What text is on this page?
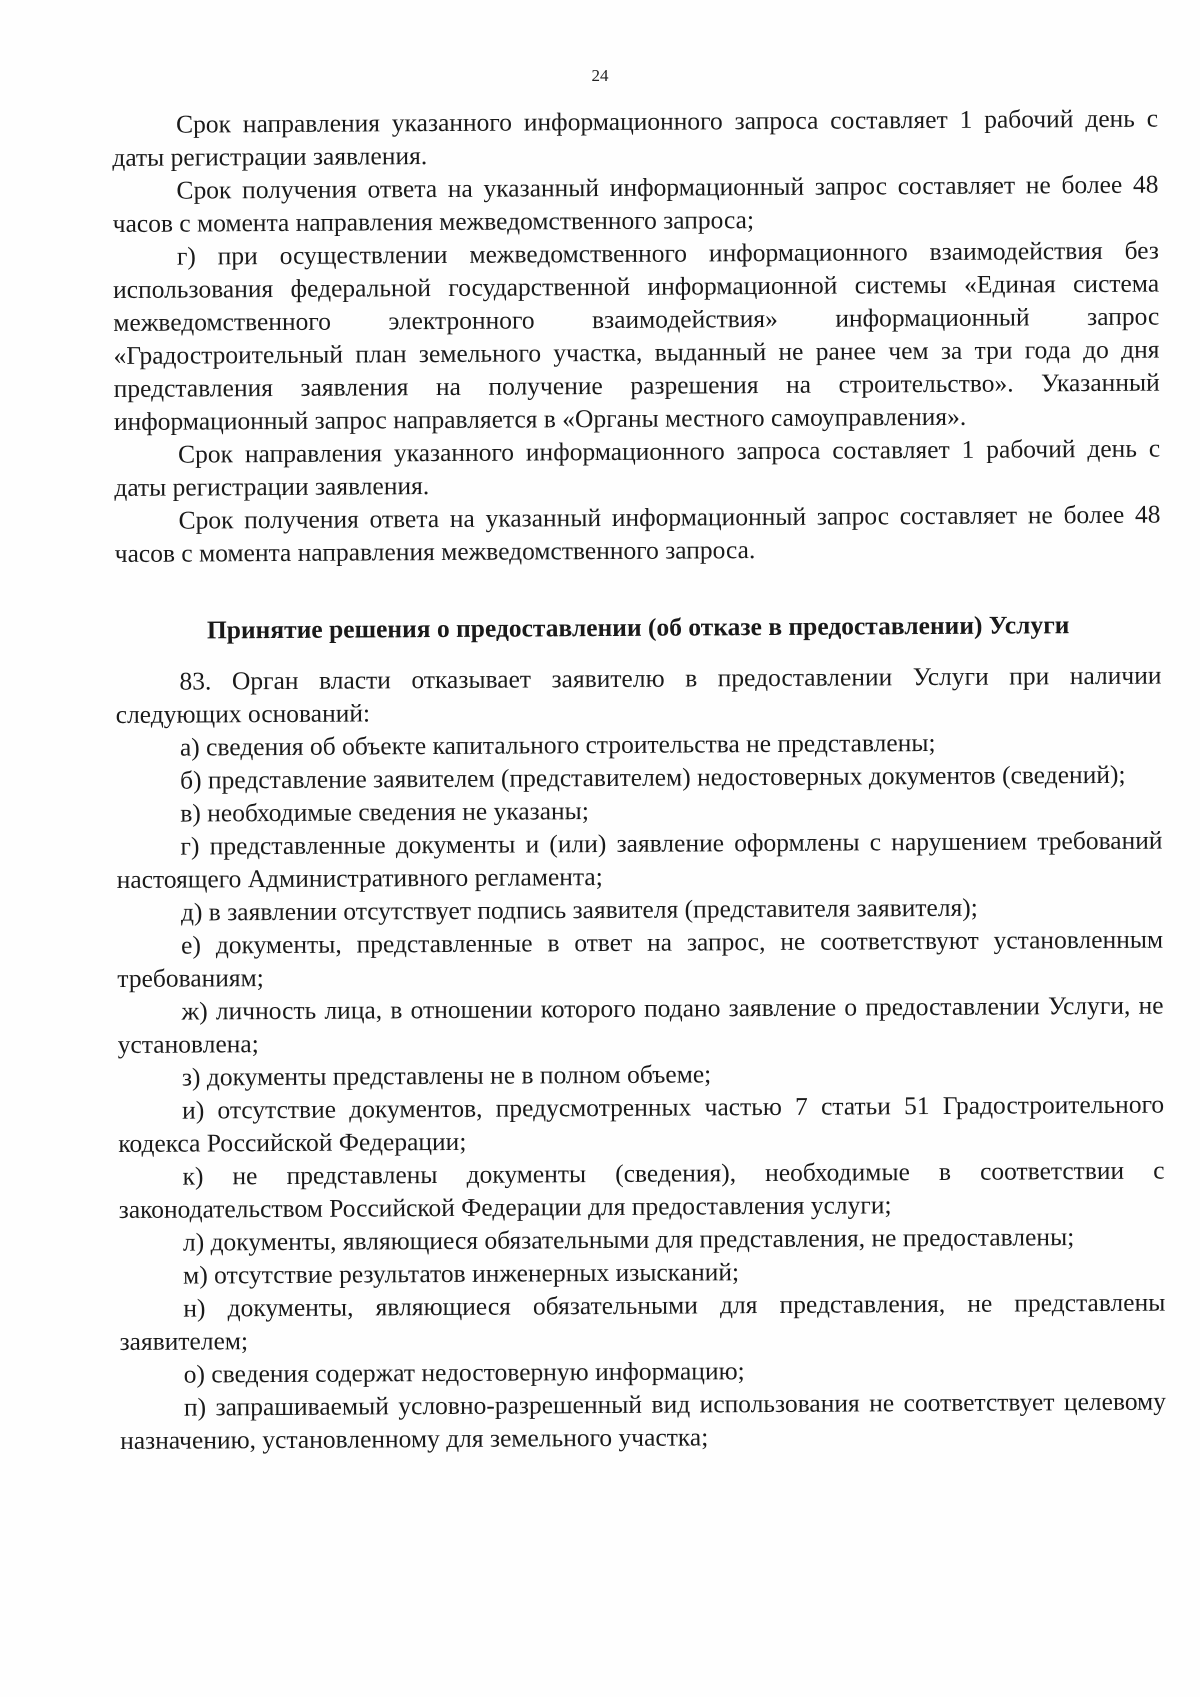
24

Срок направления указанного информационного запроса составляет 1 рабочий день с даты регистрации заявления.

Срок получения ответа на указанный информационный запрос составляет не более 48 часов с момента направления межведомственного запроса;

г) при осуществлении межведомственного информационного взаимодействия без использования федеральной государственной информационной системы «Единая система межведомственного электронного взаимодействия» информационный запрос «Градостроительный план земельного участка, выданный не ранее чем за три года до дня представления заявления на получение разрешения на строительство». Указанный информационный запрос направляется в «Органы местного самоуправления».

Срок направления указанного информационного запроса составляет 1 рабочий день с даты регистрации заявления.

Срок получения ответа на указанный информационный запрос составляет не более 48 часов с момента направления межведомственного запроса.

Принятие решения о предоставлении (об отказе в предоставлении) Услуги

83. Орган власти отказывает заявителю в предоставлении Услуги при наличии следующих оснований:

а) сведения об объекте капитального строительства не представлены;

б) представление заявителем (представителем) недостоверных документов (сведений);

в) необходимые сведения не указаны;

г) представленные документы и (или) заявление оформлены с нарушением требований настоящего Административного регламента;

д) в заявлении отсутствует подпись заявителя (представителя заявителя);

е) документы, представленные в ответ на запрос, не соответствуют установленным требованиям;

ж) личность лица, в отношении которого подано заявление о предоставлении Услуги, не установлена;

з) документы представлены не в полном объеме;

и) отсутствие документов, предусмотренных частью 7 статьи 51 Градостроительного кодекса Российской Федерации;

к) не представлены документы (сведения), необходимые в соответствии с законодательством Российской Федерации для предоставления услуги;

л) документы, являющиеся обязательными для представления, не предоставлены;

м) отсутствие результатов инженерных изысканий;

н) документы, являющиеся обязательными для представления, не представлены заявителем;

о) сведения содержат недостоверную информацию;

п) запрашиваемый условно-разрешенный вид использования не соответствует целевому назначению, установленному для земельного участка;
